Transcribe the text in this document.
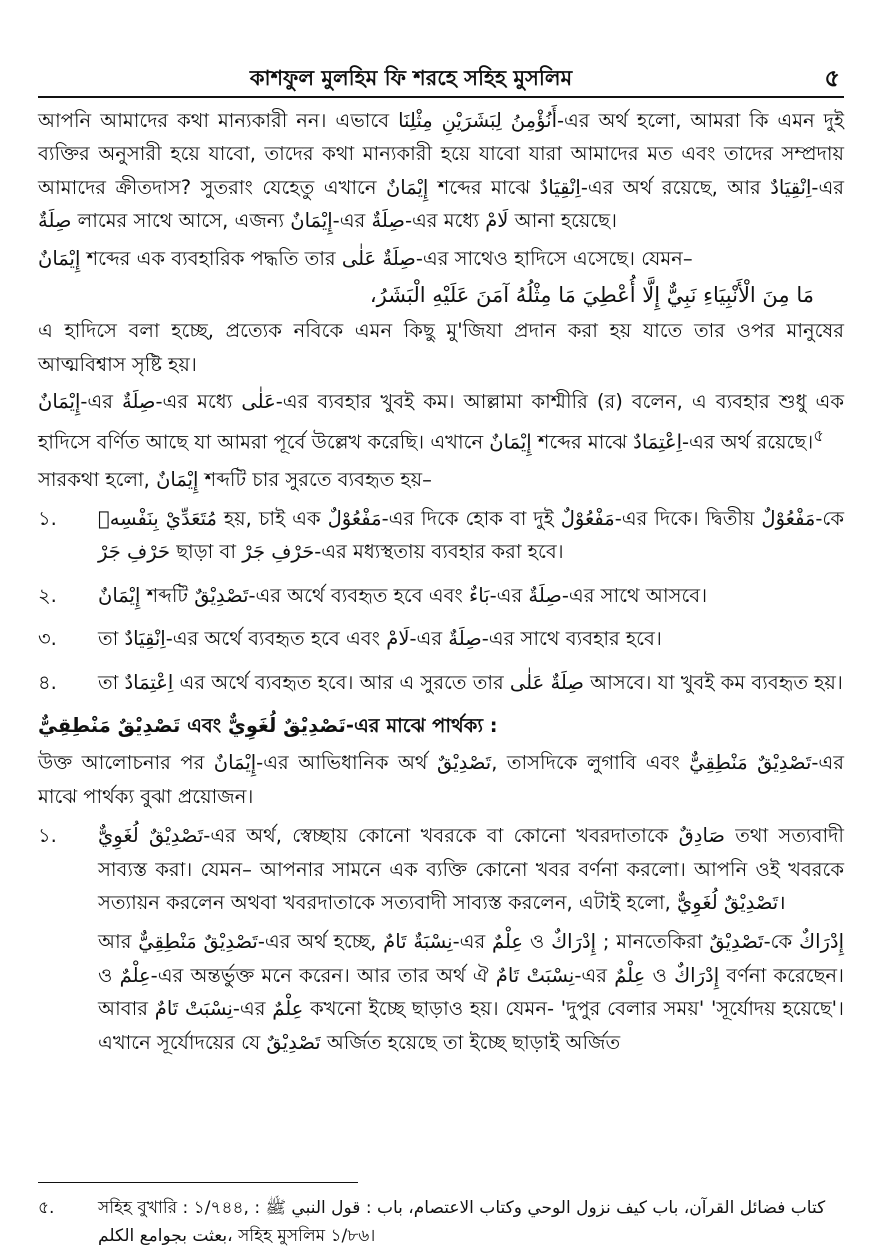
কাশফুল মুলহিম ফি শরহে সহিহ মুসলিম	৫

আপনি আমাদের কথা মান্যকারী নন। এভাবে أَنُؤْمِنُ لِبَشَرَيْنِ مِثْلِنَا-এর অর্থ হলো, আমরা কি এমন দুই ব্যক্তির অনুসারী হয়ে যাবো, তাদের কথা মান্যকারী হয়ে যাবো যারা আমাদের মত এবং তাদের সম্প্রদায় আমাদের ক্রীতদাস? সুতরাং যেহেতু এখানে إِيْمَانٌ শব্দের মাঝে اِنْقِيَادٌ-এর অর্থ রয়েছে, আর اِنْقِيَادٌ-এর صِلَةٌ লামের সাথে আসে, এজন্য إِيْمَانٌ-এর صِلَةٌ-এর মধ্যে لَامْ আনা হয়েছে।

إِيْمَانٌ শব্দের এক ব্যবহারিক পদ্ধতি তার صِلَةٌ عَلٰى-এর সাথেও হাদিসে এসেছে। যেমন–

مَا مِنَ الْأَنْبِيَاءِ نَبِيٌّ إِلَّا أُعْطِيَ مَا مِثْلُهُ آمَنَ عَلَيْهِ الْبَشَرُ،

এ হাদিসে বলা হচ্ছে, প্রত্যেক নবিকে এমন কিছু মু'জিযা প্রদান করা হয় যাতে তার ওপর মানুষের আত্মবিশ্বাস সৃষ্টি হয়।

إِيْمَانٌ-এর صِلَةٌ-এর মধ্যে عَلٰى-এর ব্যবহার খুবই কম। আল্লামা কাশ্মীরি (র) বলেন, এ ব্যবহার শুধু এক হাদিসে বর্ণিত আছে যা আমরা পূর্বে উল্লেখ করেছি। এখানে إِيْمَانٌ শব্দের মাঝে اِعْتِمَادٌ-এর অর্থ রয়েছে।$^৫$

সারকথা হলো, إِيْمَانٌ শব্দটি চার সুরতে ব্যবহৃত হয়–

১. مُتَعَدِّيْ بِنَفْسِهٖ হয়, চাই এক مَفْعُوْلٌ-এর দিকে হোক বা দুই مَفْعُوْلٌ-এর দিকে। দ্বিতীয় مَفْعُوْلٌ-কে حَرْفِ جَرْ ছাড়া বা حَرْفِ جَرْ-এর মধ্যস্থতায় ব্যবহার করা হবে।
২. إِيْمَانٌ শব্দটি تَصْدِيْقٌ-এর অর্থে ব্যবহৃত হবে এবং بَاءٌ-এর صِلَةٌ-এর সাথে আসবে।
৩. তা اِنْقِيَادٌ-এর অর্থে ব্যবহৃত হবে এবং لَامْ-এর صِلَةٌ-এর সাথে ব্যবহার হবে।
৪. তা اِعْتِمَادٌ এর অর্থে ব্যবহৃত হবে। আর এ সুরতে তার صِلَةٌ عَلٰى আসবে। যা খুবই কম ব্যবহৃত হয়।

تَصْدِيْقٌ مَنْطِقِيٌّ এবং تَصْدِيْقٌ لُغَوِيٌّ-এর মাঝে পার্থক্য :

উক্ত আলোচনার পর إِيْمَانٌ-এর আভিধানিক অর্থ تَصْدِيْقٌ, তাসদিকে লুগাবি এবং تَصْدِيْقٌ مَنْطِقِيٌّ-এর মাঝে পার্থক্য বুঝা প্রয়োজন।

১. تَصْدِيْقٌ لُغَوِيٌّ-এর অর্থ, স্বেচ্ছায় কোনো খবরকে বা কোনো খবরদাতাকে صَادِقٌ তথা সত্যবাদী সাব্যস্ত করা। যেমন– আপনার সামনে এক ব্যক্তি কোনো খবর বর্ণনা করলো। আপনি ওই খবরকে সত্যায়ন করলেন অথবা খবরদাতাকে সত্যবাদী সাব্যস্ত করলেন, এটাই হলো, تَصْدِيْقٌ لُغَوِيٌّ।

আর تَصْدِيْقٌ مَنْطِقِيٌّ-এর অর্থ হচ্ছে, نِسْبَةٌ تَامٌ-এর عِلْمٌ ও إِدْرَاكٌ ; মানতেকিরা تَصْدِيْقٌ-কে إِدْرَاكٌ ও عِلْمٌ-এর অন্তর্ভুক্ত মনে করেন। আর তার অর্থ ঐ نِسْبَتْ تَامٌ-এর عِلْمٌ ও إِدْرَاكٌ বর্ণনা করেছেন। আবার نِسْبَتْ تَامٌ-এর عِلْمٌ কখনো ইচ্ছে ছাড়াও হয়। যেমন- 'দুপুর বেলার সময়' 'সূর্যোদয় হয়েছে'। এখানে সূর্যোদয়ের যে تَصْدِيْقٌ অর্জিত হয়েছে তা ইচ্ছে ছাড়াই অর্জিত

৫.	সহিহ বুখারি : ১/৭৪৪, كتاب فضائل القرآن، باب كيف نزول الوحي وكتاب الاعتصام، باب : قول النبي ﷺ : بعثت بجوامع الكلم، সহিহ মুসলিম ১/৮৬।
